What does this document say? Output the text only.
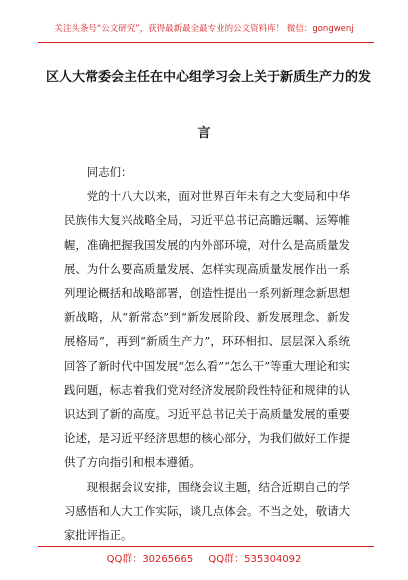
关注头条号“公文研究”，获得最新最全最专业的公文资料库！ 微信：gongwenj
区人大常委会主任在中心组学习会上关于新质生产力的发
言

同志们：

党的十八大以来，面对世界百年未有之大变局和中华民族伟大复兴战略全局，习近平总书记高瞻远瞩、运筹帷幄，准确把握我国发展的内外部环境，对什么是高质量发展、为什么要高质量发展、怎样实现高质量发展作出一系列理论概括和战略部署，创造性提出一系列新理念新思想新战略，从“新常态”到“新发展阶段、新发展理念、新发展格局”，再到“新质生产力”，环环相扣、层层深入系统回答了新时代中国发展“怎么看”“怎么干”等重大理论和实践问题，标志着我们党对经济发展阶段性特征和规律的认识达到了新的高度。习近平总书记关于高质量发展的重要论述，是习近平经济思想的核心部分，为我们做好工作提供了方向指引和根本遵循。

现根据会议安排，围绕会议主题，结合近期自己的学习感悟和人大工作实际，谈几点体会。不当之处，敬请大家批评指正。

QQ群：30265665 QQ群：535304092
